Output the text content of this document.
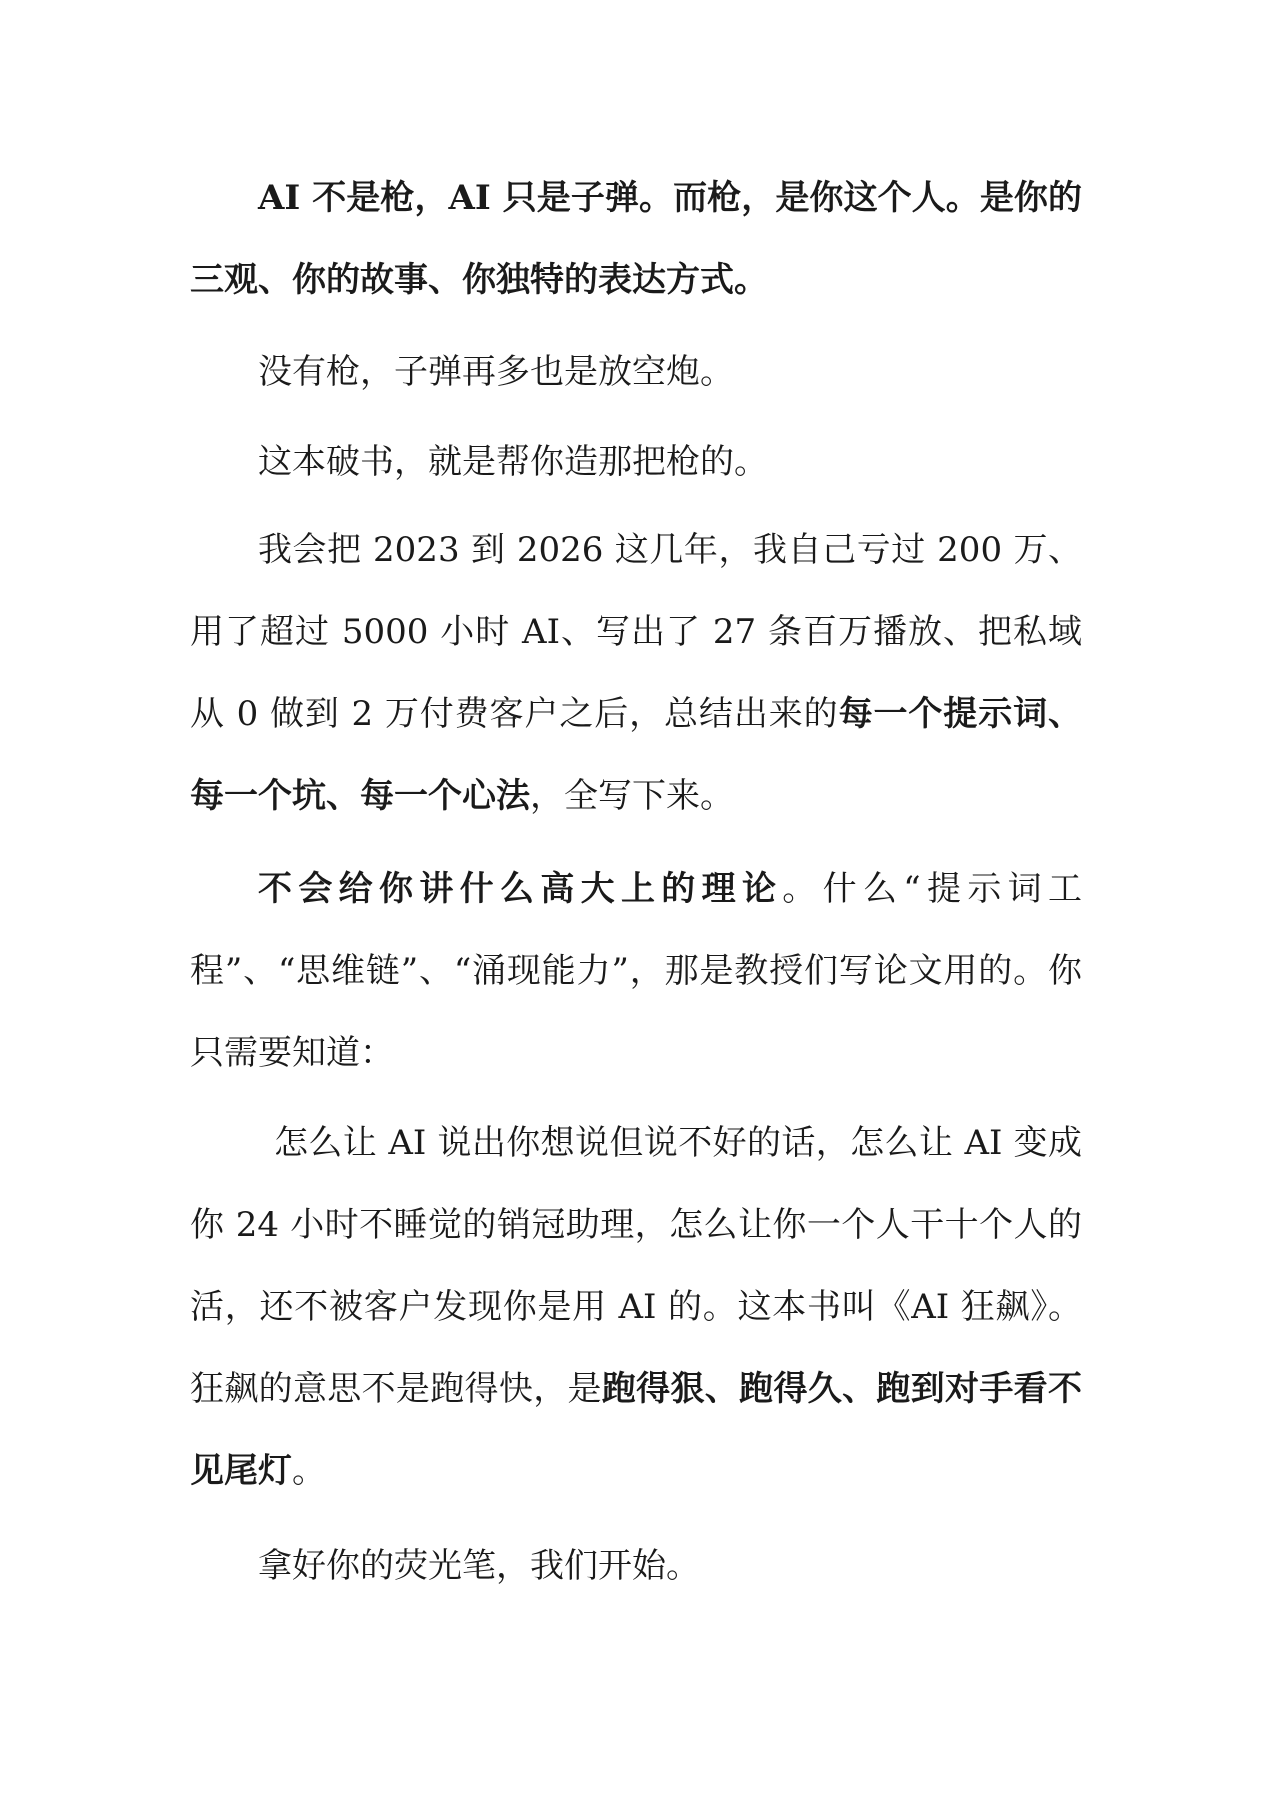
AI 不是枪，AI 只是子弹。而枪，是你这个人。是你的三观、你的故事、你独特的表达方式。

没有枪，子弹再多也是放空炮。

这本破书，就是帮你造那把枪的。

我会把 2023 到 2026 这几年，我自己亏过 200 万、用了超过 5000 小时 AI、写出了 27 条百万播放、把私域从 0 做到 2 万付费客户之后，总结出来的每一个提示词、每一个坑、每一个心法，全写下来。

不会给你讲什么高大上的理论。什么“提示词工程”、“思维链”、“涌现能力”，那是教授们写论文用的。你只需要知道：

怎么让 AI 说出你想说但说不好的话，怎么让 AI 变成你 24 小时不睡觉的销冠助理，怎么让你一个人干十个人的活，还不被客户发现你是用 AI 的。这本书叫《AI 狂飙》。狂飙的意思不是跑得快，是跑得狠、跑得久、跑到对手看不见尾灯。

拿好你的荧光笔，我们开始。
